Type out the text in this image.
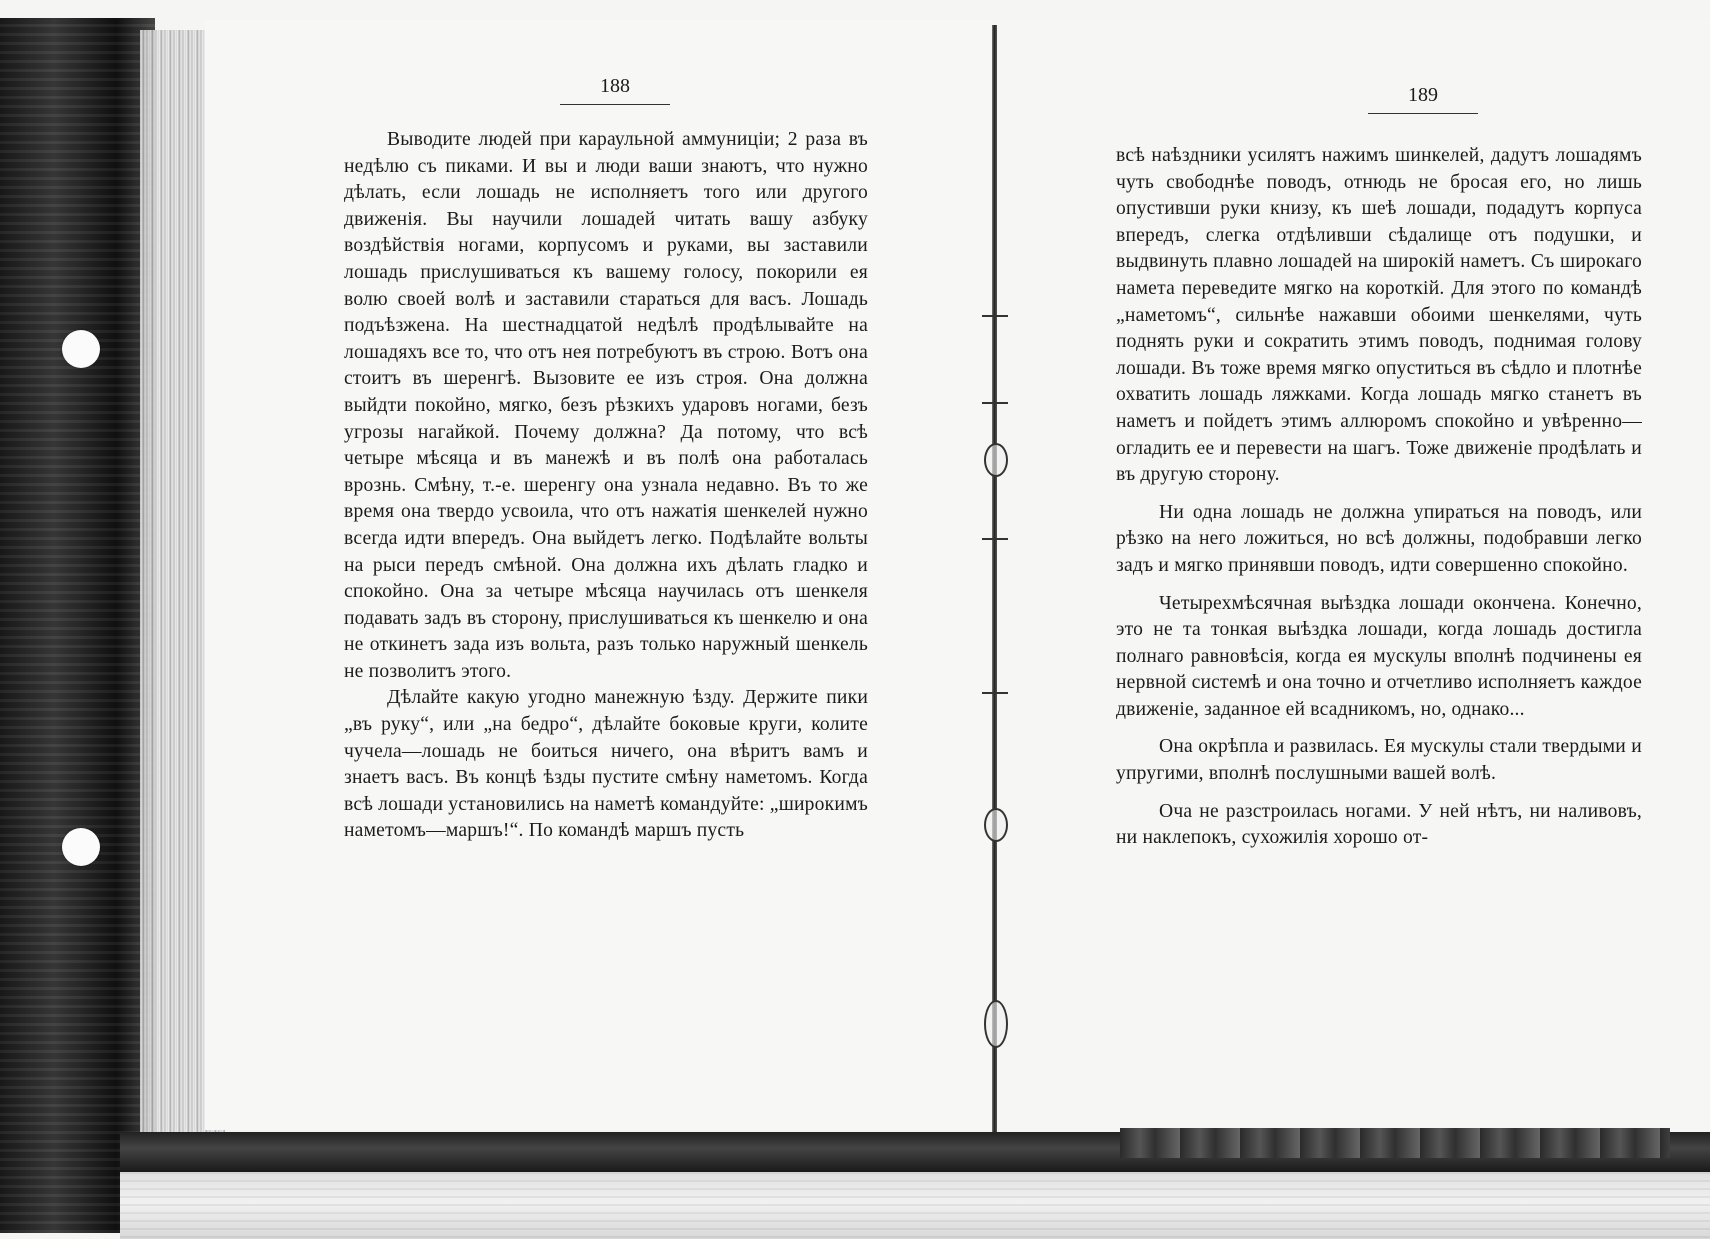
188

Выводите людей при караульной аммуниціи; 2 раза въ недѣлю съ пиками. И вы и люди ваши знаютъ, что нужно дѣлать, если лошадь не исполняетъ того или другого движенія. Вы научили лошадей читать вашу азбуку воздѣйствія ногами, корпусомъ и руками, вы заставили лошадь прислушиваться къ вашему голосу, покорили ея волю своей волѣ и заставили стараться для васъ. Лошадь подъѣзжена. На шестнадцатой недѣлѣ продѣлывайте на лошадяхъ все то, что отъ нея потребуютъ въ строю. Вотъ она стоитъ въ шеренгѣ. Вызовите ее изъ строя. Она должна выйдти покойно, мягко, безъ рѣзкихъ ударовъ ногами, безъ угрозы нагайкой. Почему должна? Да потому, что всѣ четыре мѣсяца и въ манежѣ и въ полѣ она работалась врознь. Смѣну, т.-е. шеренгу она узнала недавно. Въ то же время она твердо усвоила, что отъ нажатія шенкелей нужно всегда идти впередъ. Она выйдетъ легко. Подѣлайте вольты на рыси передъ смѣной. Она должна ихъ дѣлать гладко и спокойно. Она за четыре мѣсяца научилась отъ шенкеля подавать задъ въ сторону, прислушиваться къ шенкелю и она не откинетъ зада изъ вольта, разъ только наружный шенкель не позволитъ этого.

Дѣлайте какую угодно манежную ѣзду. Держите пики „въ руку“, или „на бедро“, дѣлайте боковые круги, колите чучела—лошадь не боиться ничего, она вѣритъ вамъ и знаетъ васъ. Въ концѣ ѣзды пустите смѣну наметомъ. Когда всѣ лошади установились на наметѣ командуйте: „широкимъ наметомъ—маршъ!“. По командѣ маршъ пусть

189

всѣ наѣздники усилятъ нажимъ шинкелей, дадутъ лошадямъ чуть свободнѣе поводъ, отнюдь не бросая его, но лишь опустивши руки книзу, къ шеѣ лошади, подадутъ корпуса впередъ, слегка отдѣливши сѣдалище отъ подушки, и выдвинуть плавно лошадей на широкій наметъ. Съ широкаго намета переведите мягко на короткій. Для этого по командѣ „наметомъ“, сильнѣе нажавши обоими шенкелями, чуть поднять руки и сократить этимъ поводъ, поднимая голову лошади. Въ тоже время мягко опуститься въ сѣдло и плотнѣе охватить лошадь ляжками. Когда лошадь мягко станетъ въ наметъ и пойдетъ этимъ аллюромъ спокойно и увѣренно—огладить ее и перевести на шагъ. Тоже движеніе продѣлать и въ другую сторону.

Ни одна лошадь не должна упираться на поводъ, или рѣзко на него ложиться, но всѣ должны, подобравши легко задъ и мягко принявши поводъ, идти совершенно спокойно.

Четырехмѣсячная выѣздка лошади окончена. Конечно, это не та тонкая выѣздка лошади, когда лошадь достигла полнаго равновѣсія, когда ея мускулы вполнѣ подчинены ея нервной системѣ и она точно и отчетливо исполняетъ каждое движеніе, заданное ей всадникомъ, но, однако...

Она окрѣпла и развилась. Ея мускулы стали твердыми и упругими, вполнѣ послушными вашей волѣ.

Оча не разстроилась ногами. У ней нѣтъ, ни наливовъ, ни наклепокъ, сухожилія хорошо от-
